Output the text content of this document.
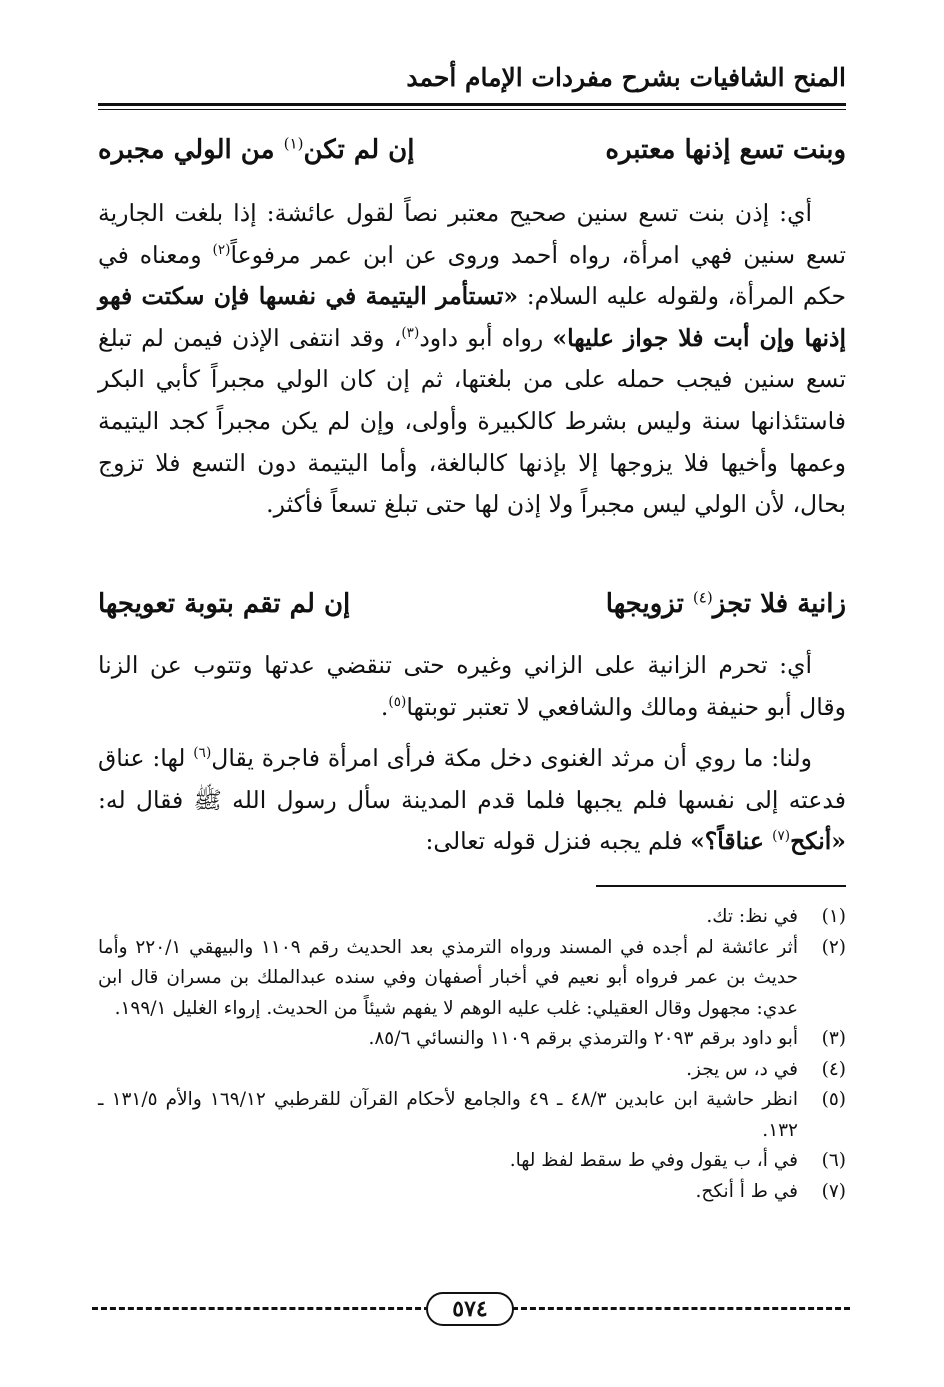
المنح الشافيات بشرح مفردات الإمام أحمد
وبنت تسع إذنها معتبره
إن لم تكن$^{(١)}$ من الولي مجبره
أي: إذن بنت تسع سنين صحيح معتبر نصاً لقول عائشة: إذا بلغت الجارية تسع سنين فهي امرأة، رواه أحمد وروى عن ابن عمر مرفوعاً$^{(٢)}$ ومعناه في حكم المرأة، ولقوله عليه السلام: «تستأمر اليتيمة في نفسها فإن سكتت فهو إذنها وإن أبت فلا جواز عليها» رواه أبو داود$^{(٣)}$، وقد انتفى الإذن فيمن لم تبلغ تسع سنين فيجب حمله على من بلغتها، ثم إن كان الولي مجبراً كأبي البكر فاستئذانها سنة وليس بشرط كالكبيرة وأولى، وإن لم يكن مجبراً كجد اليتيمة وعمها وأخيها فلا يزوجها إلا بإذنها كالبالغة، وأما اليتيمة دون التسع فلا تزوج بحال، لأن الولي ليس مجبراً ولا إذن لها حتى تبلغ تسعاً فأكثر.
زانية فلا تجز$^{(٤)}$ تزويجها
إن لم تقم بتوبة تعويجها
أي: تحرم الزانية على الزاني وغيره حتى تنقضي عدتها وتتوب عن الزنا وقال أبو حنيفة ومالك والشافعي لا تعتبر توبتها$^{(٥)}$.
ولنا: ما روي أن مرثد الغنوى دخل مكة فرأى امرأة فاجرة يقال$^{(٦)}$ لها: عناق فدعته إلى نفسها فلم يجبها فلما قدم المدينة سأل رسول الله ﷺ فقال له: «أنكح$^{(٧)}$ عناقاً؟» فلم يجبه فنزل قوله تعالى:
(١)
في نظ: تك.
(٢)
أثر عائشة لم أجده في المسند ورواه الترمذي بعد الحديث رقم ١١٠٩ والبيهقي ٢٢٠/١ وأما حديث بن عمر فرواه أبو نعيم في أخبار أصفهان وفي سنده عبدالملك بن مسران قال ابن عدي: مجهول وقال العقيلي: غلب عليه الوهم لا يفهم شيئاً من الحديث. إرواء الغليل ١٩٩/١.
(٣)
أبو داود برقم ٢٠٩٣ والترمذي برقم ١١٠٩ والنسائي ٨٥/٦.
(٤)
في د، س يجز.
(٥)
انظر حاشية ابن عابدين ٤٨/٣ ـ ٤٩ والجامع لأحكام القرآن للقرطبي ١٦٩/١٢ والأم ١٣١/٥ ـ ١٣٢.
(٦)
في أ، ب يقول وفي ط سقط لفظ لها.
(٧)
في ط أ أنكح.
٥٧٤
